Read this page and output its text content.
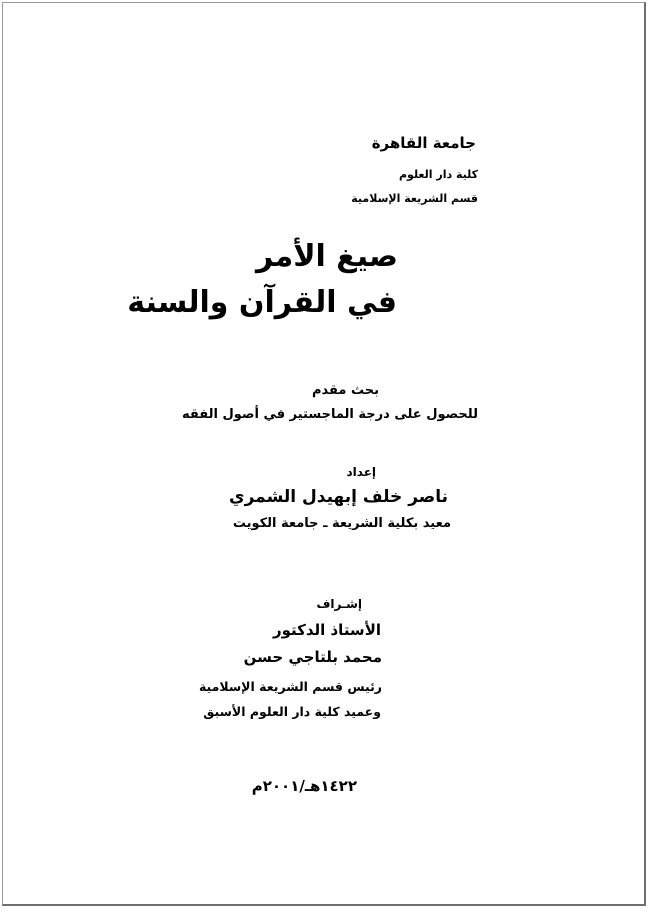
جامعة القاهرة
كلية دار العلوم
قسم الشريعة الإسلامية
صيغ الأمر
في القرآن والسنة
بحث مقدم
للحصول على درجة الماجستير في أصول الفقه
إعداد
ناصر خلف إبهيدل الشمري
معيد بكلية الشريعة ـ جامعة الكويت
إشـراف
الأستاذ الدكتور
محمد بلتاجي حسن
رئيس قسم الشريعة الإسلامية
وعميد كلية دار العلوم الأسبق
١٤٢٢هـ/٢٠٠١م
